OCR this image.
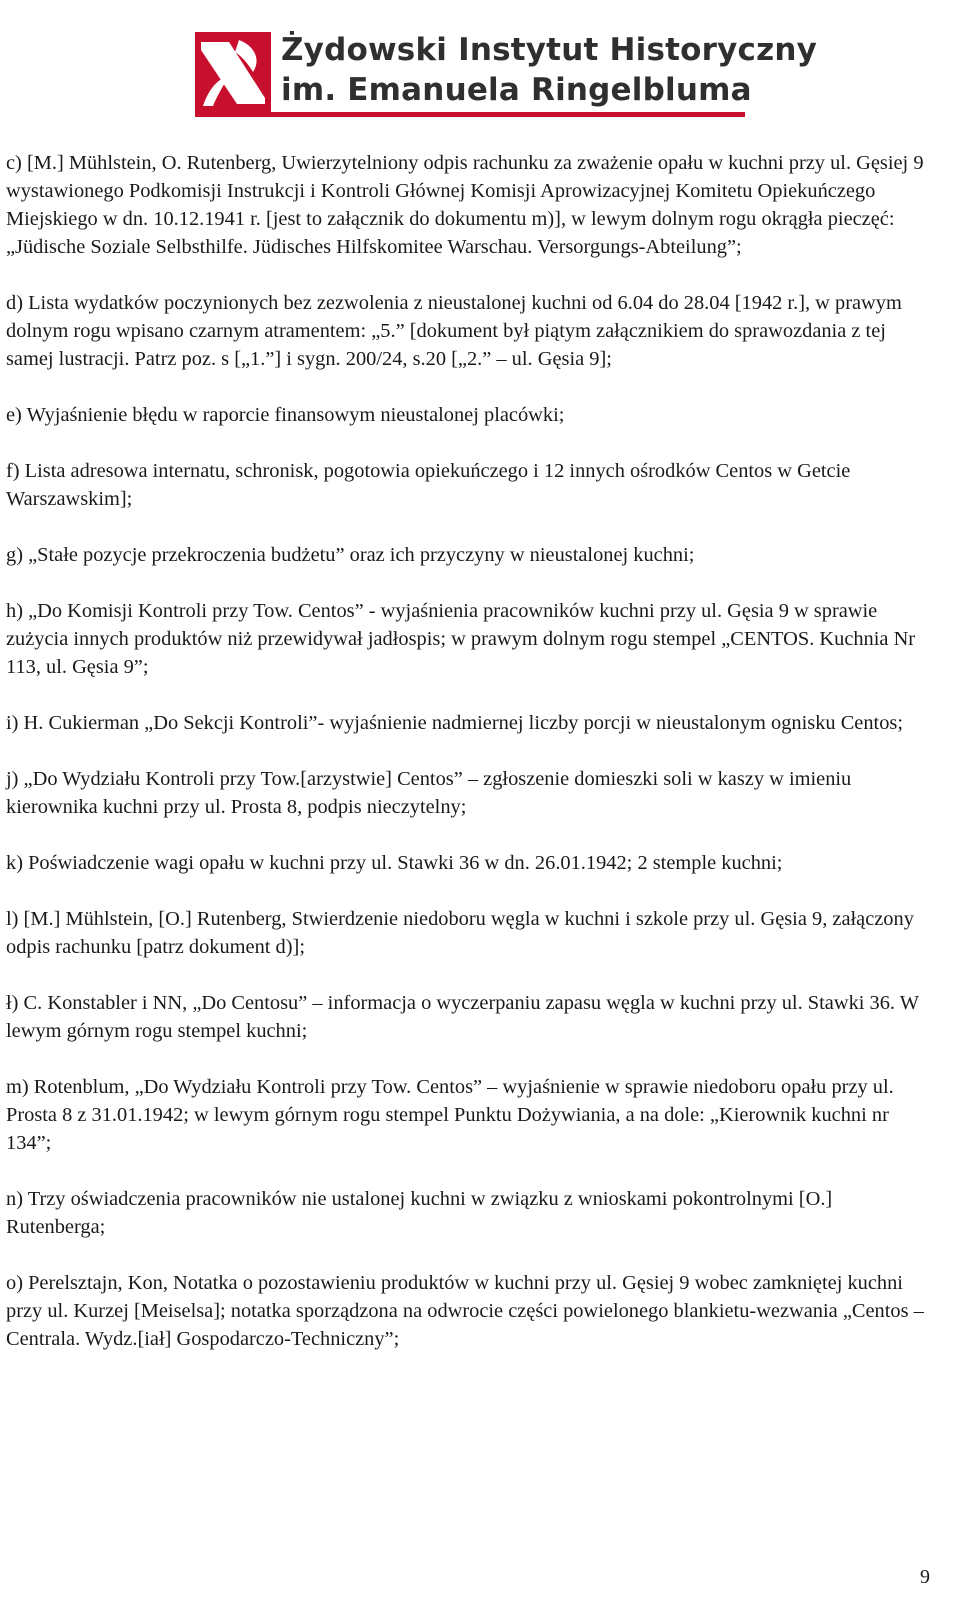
Żydowski Instytut Historyczny
im. Emanuela Ringelbluma

c) [M.] Mühlstein, O. Rutenberg, Uwierzytelniony odpis rachunku za zważenie opału w kuchni przy ul. Gęsiej 9 wystawionego Podkomisji Instrukcji i Kontroli Głównej Komisji Aprowizacyjnej Komitetu Opiekuńczego Miejskiego w dn. 10.12.1941 r. [jest to załącznik do dokumentu m)], w lewym dolnym rogu okrągła pieczęć: „Jüdische Soziale Selbsthilfe. Jüdisches Hilfskomitee Warschau. Versorgungs-Abteilung”;

d) Lista wydatków poczynionych bez zezwolenia z nieustalonej kuchni od 6.04 do 28.04 [1942 r.], w prawym dolnym rogu wpisano czarnym atramentem: „5.” [dokument był piątym załącznikiem do sprawozdania z tej samej lustracji. Patrz poz. s [„1.”] i sygn. 200/24, s.20 [„2.” – ul. Gęsia 9];

e) Wyjaśnienie błędu w raporcie finansowym nieustalonej placówki;

f) Lista adresowa internatu, schronisk, pogotowia opiekuńczego i 12 innych ośrodków Centos w Getcie Warszawskim];

g) „Stałe pozycje przekroczenia budżetu” oraz ich przyczyny w nieustalonej kuchni;

h) „Do Komisji Kontroli przy Tow. Centos” - wyjaśnienia pracowników kuchni przy ul. Gęsia 9 w sprawie zużycia innych produktów niż przewidywał jadłospis; w prawym dolnym rogu stempel „CENTOS. Kuchnia Nr 113, ul. Gęsia 9”;

i) H. Cukierman „Do Sekcji Kontroli”- wyjaśnienie nadmiernej liczby porcji w nieustalonym ognisku Centos;

j) „Do Wydziału Kontroli przy Tow.[arzystwie] Centos” – zgłoszenie domieszki soli w kaszy w imieniu kierownika kuchni przy ul. Prosta 8, podpis nieczytelny;

k) Poświadczenie wagi opału w kuchni przy ul. Stawki 36 w dn. 26.01.1942; 2 stemple kuchni;

l) [M.] Mühlstein, [O.] Rutenberg, Stwierdzenie niedoboru węgla w kuchni i szkole przy ul. Gęsia 9, załączony odpis rachunku [patrz dokument d)];

ł) C. Konstabler i NN, „Do Centosu” – informacja o wyczerpaniu zapasu węgla w kuchni przy ul. Stawki 36. W lewym górnym rogu stempel kuchni;

m) Rotenblum, „Do Wydziału Kontroli przy Tow. Centos” – wyjaśnienie w sprawie niedoboru opału przy ul. Prosta 8 z 31.01.1942; w lewym górnym rogu stempel Punktu Dożywiania, a na dole: „Kierownik kuchni nr 134”;

n) Trzy oświadczenia pracowników nie ustalonej kuchni w związku z wnioskami pokontrolnymi [O.] Rutenberga;

o) Perelsztajn, Kon, Notatka o pozostawieniu produktów w kuchni przy ul. Gęsiej 9 wobec zamkniętej kuchni przy ul. Kurzej [Meiselsa]; notatka sporządzona na odwrocie części powielonego blankietu-wezwania „Centos – Centrala. Wydz.[iał] Gospodarczo-Techniczny”;

9
